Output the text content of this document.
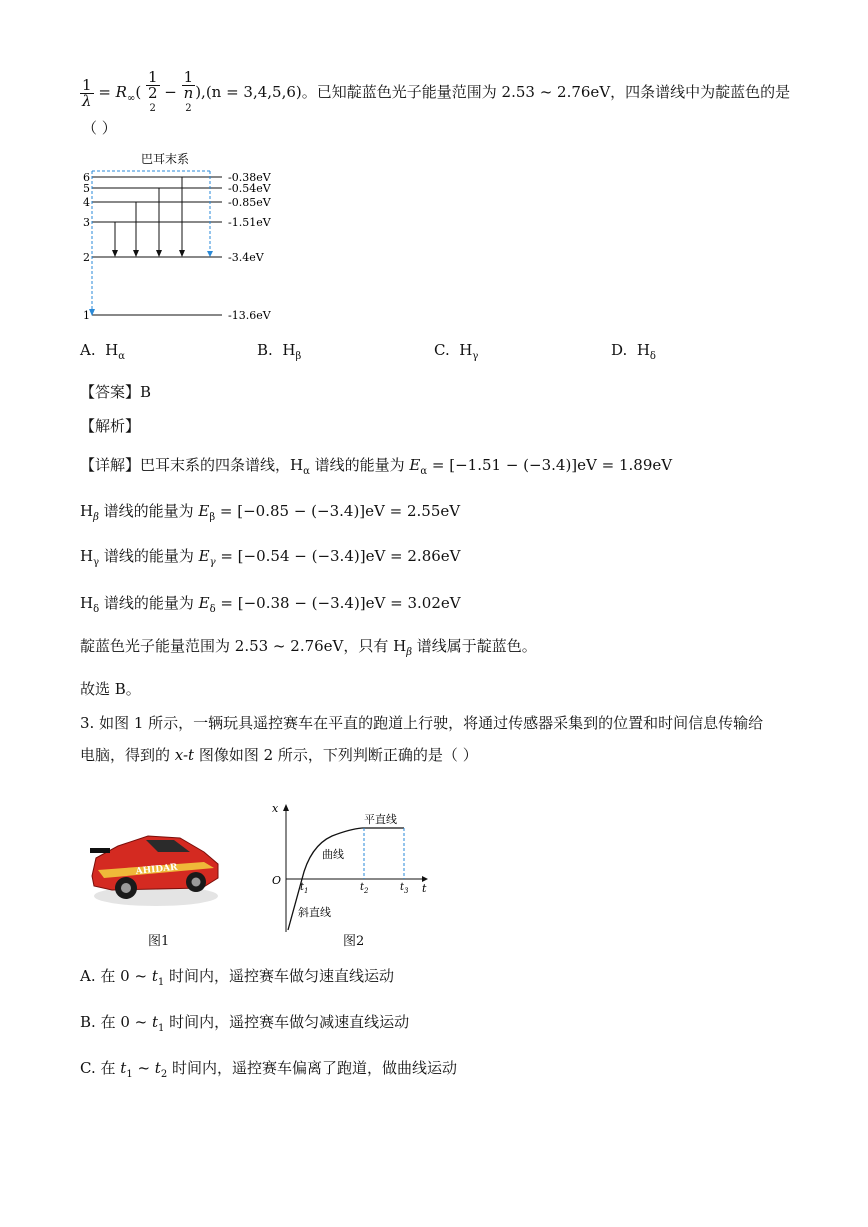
$\frac{1}{\lambda} = R_\infty$( 1
2
2 − 1
n
2 ),(n = 3,4,5,6)。已知靛蓝色光子能量范围为 2.53 ~ 2.76eV，四条谱线中为靛蓝色的是
（ ）
巴耳末系
6
5
4
3
2
1
-0.38eV
-0.54eV
-0.85eV
-1.51eV
-3.4eV
-13.6eV
A. $H_\alpha$	B. $H_\beta$	C. $H_\gamma$	D. $H_\delta$
【答案】B
【解析】
【详解】巴耳末系的四条谱线，$H_\alpha$ 谱线的能量为 $E_\alpha = [-1.51 - (-3.4)]eV = 1.89eV$
$H_\beta$ 谱线的能量为 $E_\beta = [-0.85 - (-3.4)]eV = 2.55eV$
$H_\gamma$ 谱线的能量为 $E_\gamma = [-0.54 - (-3.4)]eV = 2.86eV$
$H_\delta$ 谱线的能量为 $E_\delta = [-0.38 - (-3.4)]eV = 3.02eV$
靛蓝色光子能量范围为 2.53 ~ 2.76eV，只有 $H_\beta$ 谱线属于靛蓝色。
故选 B。
3. 如图 1 所示，一辆玩具遥控赛车在平直的跑道上行驶，将通过传感器采集到的位置和时间信息传输给
电脑，得到的 x-t 图像如图 2 所示，下列判断正确的是（ ）
AHIDAR
图1
x
t
O
平直线
曲线
斜直线
$t_1$	$t_2$	$t_3$
图2
A. 在 0 ~ $t_1$ 时间内，遥控赛车做匀速直线运动
B. 在 0 ~ $t_1$ 时间内，遥控赛车做匀减速直线运动
C. 在 $t_1$ ~ $t_2$ 时间内，遥控赛车偏离了跑道，做曲线运动
